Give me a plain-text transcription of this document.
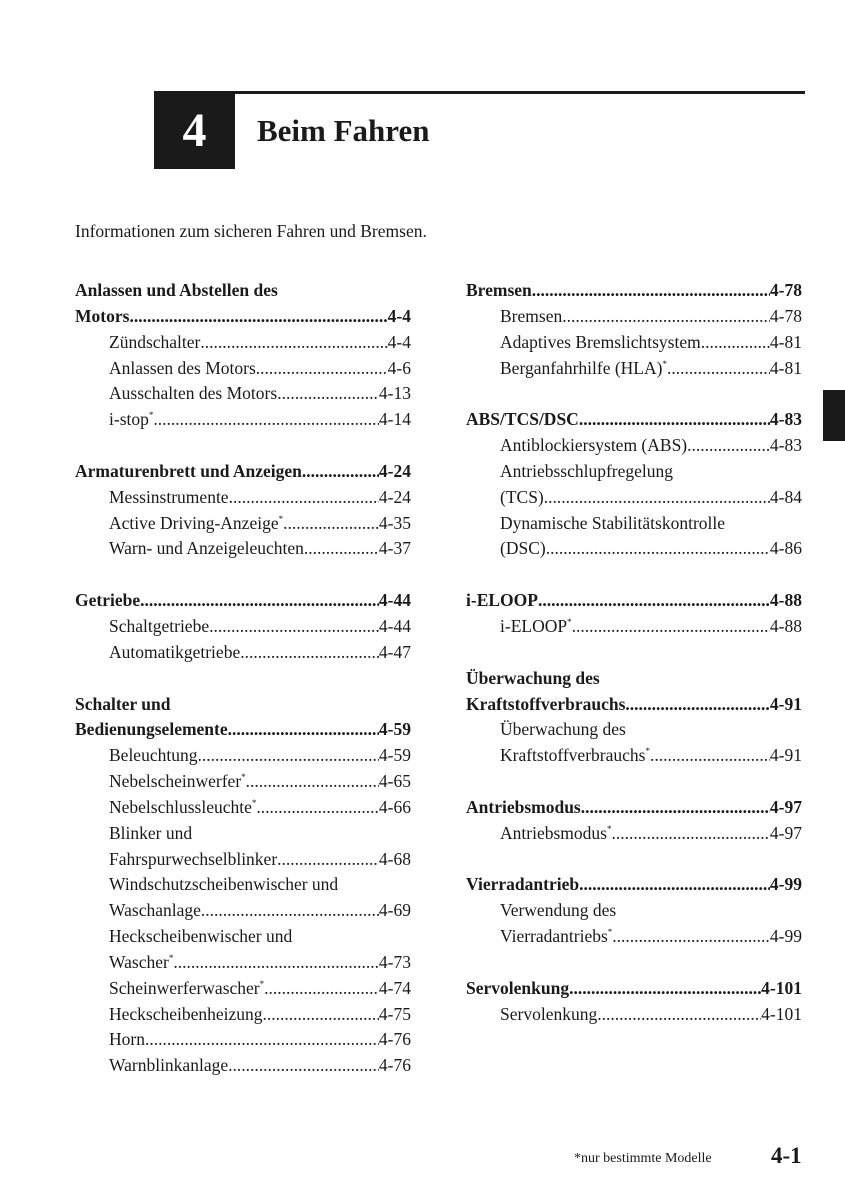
4 Beim Fahren
Informationen zum sicheren Fahren und Bremsen.
Anlassen und Abstellen des
Motors .....	4-4
Zündschalter .....	4-4
Anlassen des Motors .....	4-6
Ausschalten des Motors .....	4-13
i-stop* .....	4-14
Armaturenbrett und Anzeigen .....	4-24
Messinstrumente .....	4-24
Active Driving-Anzeige* .....	4-35
Warn- und Anzeigeleuchten .....	4-37
Getriebe .....	4-44
Schaltgetriebe .....	4-44
Automatikgetriebe .....	4-47
Schalter und
Bedienungselemente .....	4-59
Beleuchtung .....	4-59
Nebelscheinwerfer* .....	4-65
Nebelschlussleuchte* .....	4-66
Blinker und
Fahrspurwechselblinker .....	4-68
Windschutzscheibenwischer und
Waschanlage .....	4-69
Heckscheibenwischer und
Wascher* .....	4-73
Scheinwerferwascher* .....	4-74
Heckscheibenheizung .....	4-75
Horn .....	4-76
Warnblinkanlage .....	4-76
Bremsen .....	4-78
Bremsen .....	4-78
Adaptives Bremslichtsystem .....	4-81
Berganfahrhilfe (HLA)* .....	4-81
ABS/TCS/DSC .....	4-83
Antiblockiersystem (ABS) .....	4-83
Antriebsschlupfregelung
(TCS) .....	4-84
Dynamische Stabilitätskontrolle
(DSC) .....	4-86
i-ELOOP .....	4-88
i-ELOOP* .....	4-88
Überwachung des
Kraftstoffverbrauchs .....	4-91
Überwachung des
Kraftstoffverbrauchs* .....	4-91
Antriebsmodus .....	4-97
Antriebsmodus* .....	4-97
Vierradantrieb .....	4-99
Verwendung des
Vierradantriebs* .....	4-99
Servolenkung .....	4-101
Servolenkung .....	4-101
*nur bestimmte Modelle	4-1
